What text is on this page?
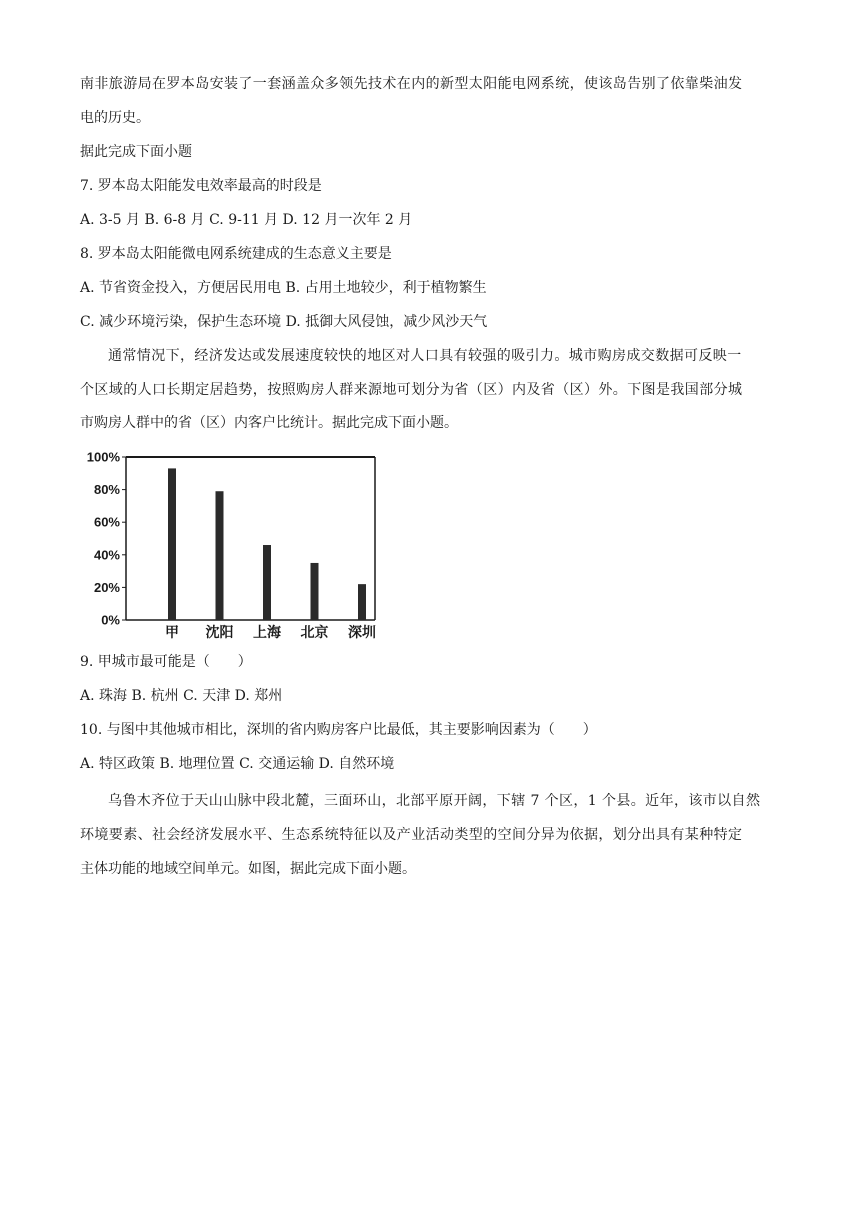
南非旅游局在罗本岛安装了一套涵盖众多领先技术在内的新型太阳能电网系统，使该岛告别了依靠柴油发
电的历史。
据此完成下面小题
7. 罗本岛太阳能发电效率最高的时段是
A. 3-5 月 B. 6-8 月 C. 9-11 月 D. 12 月一次年 2 月
8. 罗本岛太阳能微电网系统建成的生态意义主要是
A. 节省资金投入，方便居民用电 B. 占用土地较少，利于植物繁生
C. 减少环境污染，保护生态环境 D. 抵御大风侵蚀，减少风沙天气
通常情况下，经济发达或发展速度较快的地区对人口具有较强的吸引力。城市购房成交数据可反映一
个区域的人口长期定居趋势，按照购房人群来源地可划分为省（区）内及省（区）外。下图是我国部分城
市购房人群中的省（区）内客户比统计。据此完成下面小题。
0%
20%
40%
60%
80%
100%
甲 沈阳 上海 北京 深圳
9. 甲城市最可能是（　　）
A. 珠海 B. 杭州 C. 天津 D. 郑州
10. 与图中其他城市相比，深圳的省内购房客户比最低，其主要影响因素为（　　）
A. 特区政策 B. 地理位置 C. 交通运输 D. 自然环境
乌鲁木齐位于天山山脉中段北麓，三面环山，北部平原开阔，下辖 7 个区，1 个县。近年，该市以自然
环境要素、社会经济发展水平、生态系统特征以及产业活动类型的空间分异为依据，划分出具有某种特定
主体功能的地域空间单元。如图，据此完成下面小题。
